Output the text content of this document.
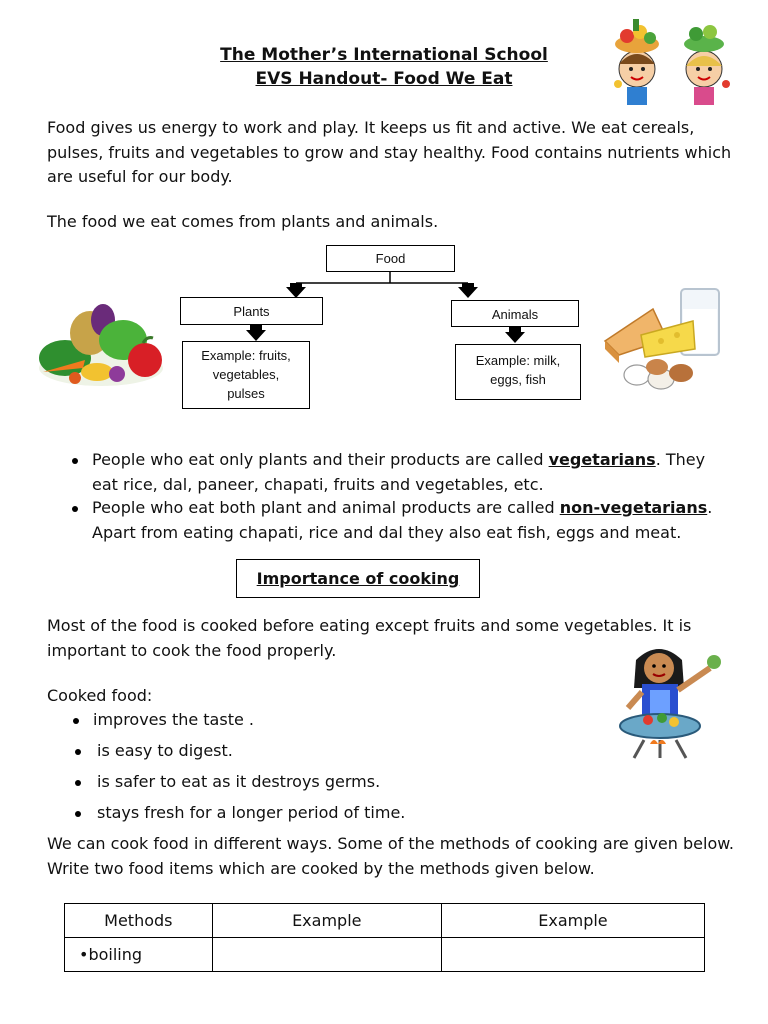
The Mother’s International School
EVS Handout- Food We Eat
Food gives us energy to work and play. It keeps us fit and active. We eat cereals, pulses, fruits and vegetables to grow and stay healthy. Food contains nutrients which are useful for our body.
The food we eat comes from plants and animals.
Food
Plants	Animals
Example: fruits, vegetables, pulses
Example: milk, eggs, fish
People who eat only plants and their products are called vegetarians. They eat rice, dal, paneer, chapati, fruits and vegetables, etc.
People who eat both plant and animal products are called non-vegetarians. Apart from eating chapati, rice and dal they also eat fish, eggs and meat.
Importance of cooking
Most of the food is cooked before eating except fruits and some vegetables. It is important to cook the food properly.
Cooked food:
improves the taste .
is easy to digest.
is safer to eat as it destroys germs.
stays fresh for a longer period of time.
We can cook food in different ways. Some of the methods of cooking are given below. Write two food items which are cooked by the methods given below.
Methods	Example	Example
•boiling		
